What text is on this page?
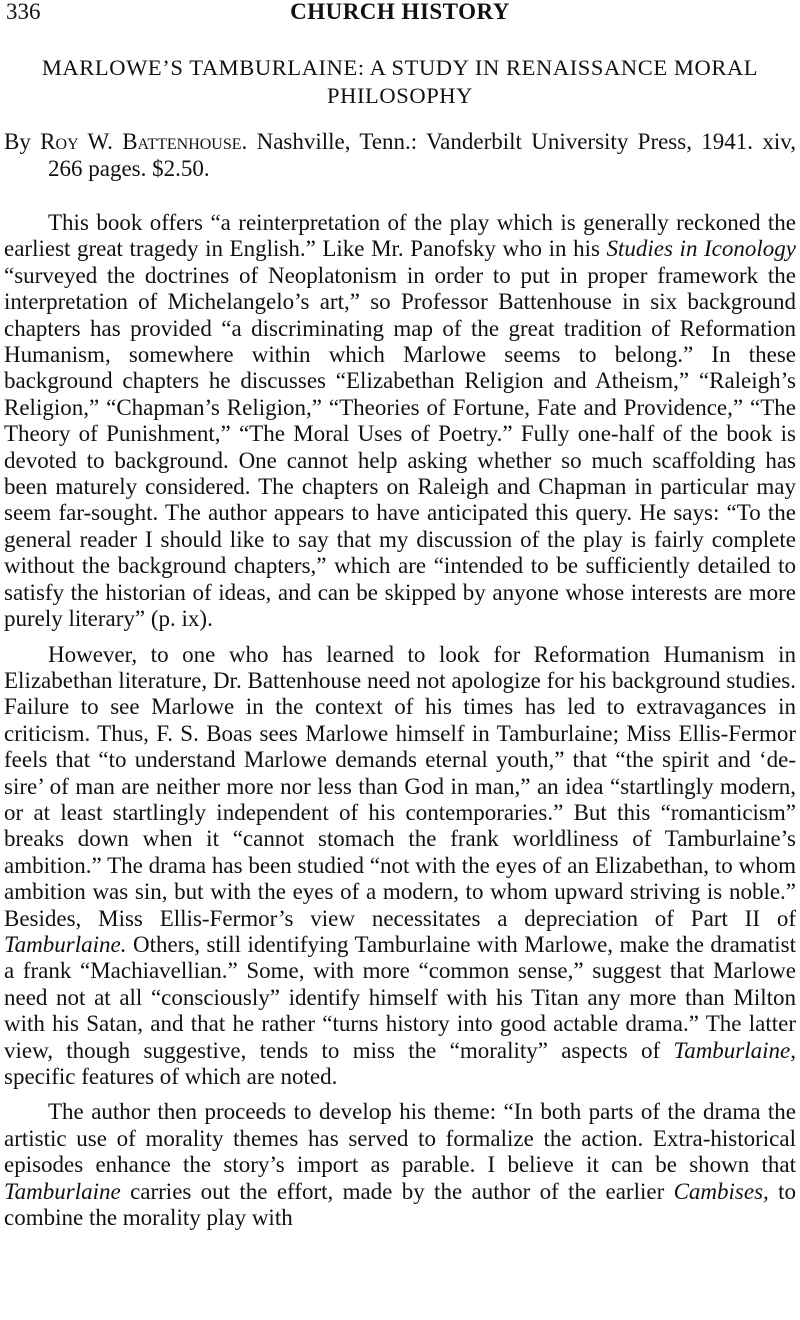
336	CHURCH HISTORY
MARLOWE’S TAMBURLAINE: A STUDY IN RENAISSANCE MORAL PHILOSOPHY

By Roy W. Battenhouse. Nashville, Tenn.: Vanderbilt University Press, 1941. xiv, 266 pages. $2.50.

This book offers “a reinterpretation of the play which is generally reckoned the earliest great tragedy in English.” Like Mr. Panofsky who in his Studies in Iconology “surveyed the doctrines of Neoplatonism in order to put in proper framework the interpretation of Michelangelo’s art,” so Professor Battenhouse in six background chapters has provided “a discriminating map of the great tradition of Reformation Humanism, somewhere within which Marlowe seems to belong.” In these background chapters he discusses “Elizabethan Religion and Atheism,” “Raleigh’s Religion,” “Chapman’s Religion,” “Theories of Fortune, Fate and Providence,” “The Theory of Punishment,” “The Moral Uses of Poetry.” Fully one-half of the book is devoted to background. One cannot help asking whether so much scaffolding has been maturely considered. The chapters on Raleigh and Chapman in particular may seem far-sought. The author appears to have anticipated this query. He says: “To the general reader I should like to say that my discussion of the play is fairly complete without the background chapters,” which are “intended to be sufficiently detailed to satisfy the historian of ideas, and can be skipped by anyone whose interests are more purely literary” (p. ix).

However, to one who has learned to look for Reformation Humanism in Elizabethan literature, Dr. Battenhouse need not apologize for his background studies. Failure to see Marlowe in the context of his times has led to extravagances in criticism. Thus, F. S. Boas sees Marlowe himself in Tamburlaine; Miss Ellis-Fermor feels that “to understand Marlowe demands eternal youth,” that “the spirit and ‘desire’ of man are neither more nor less than God in man,” an idea “startlingly modern, or at least startlingly independent of his contemporaries.” But this “romanticism” breaks down when it “cannot stomach the frank worldliness of Tamburlaine’s ambition.” The drama has been studied “not with the eyes of an Elizabethan, to whom ambition was sin, but with the eyes of a modern, to whom upward striving is noble.” Besides, Miss Ellis-Fermor’s view necessitates a depreciation of Part II of Tamburlaine. Others, still identifying Tamburlaine with Marlowe, make the dramatist a frank “Machiavellian.” Some, with more “common sense,” suggest that Marlowe need not at all “consciously” identify himself with his Titan any more than Milton with his Satan, and that he rather “turns history into good actable drama.” The latter view, though suggestive, tends to miss the “morality” aspects of Tamburlaine, specific features of which are noted.

The author then proceeds to develop his theme: “In both parts of the drama the artistic use of morality themes has served to formalize the action. Extra-historical episodes enhance the story’s import as parable. I believe it can be shown that Tamburlaine carries out the effort, made by the author of the earlier Cambises, to combine the morality play with
